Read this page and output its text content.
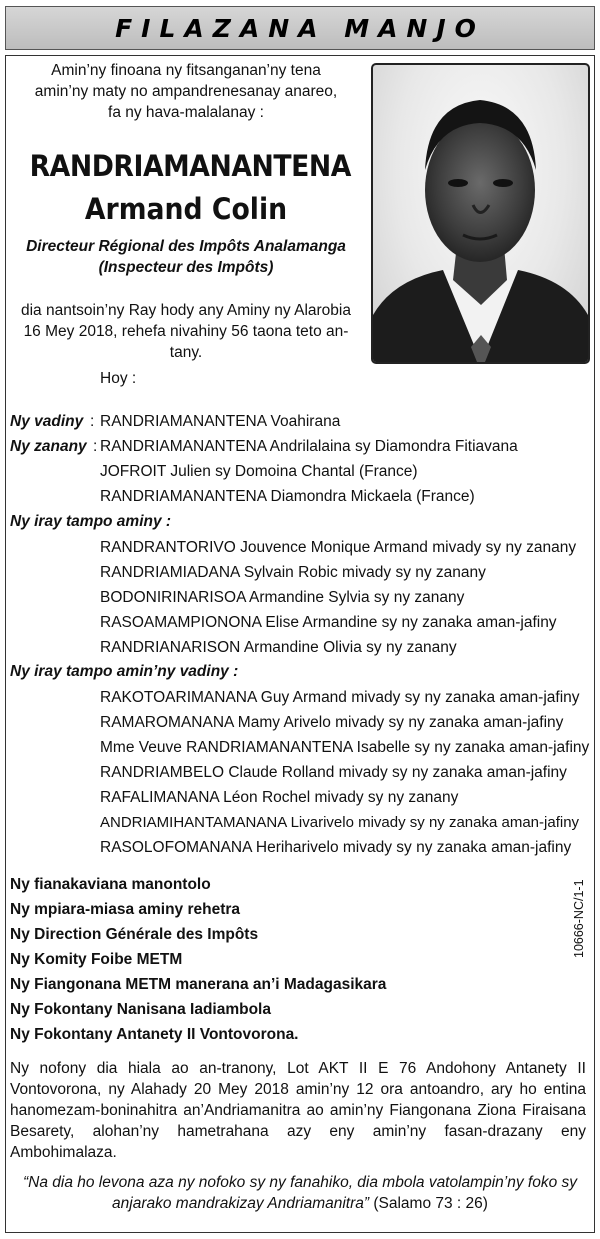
FILAZANA MANJO
Amin’ny finoana ny fitsanganan’ny tena
amin’ny maty no ampandrenesanay anareo,
fa ny hava-malalanay :
RANDRIAMANANTENA
Armand Colin
Directeur Régional des Impôts Analamanga
(Inspecteur des Impôts)
dia nantsoin’ny Ray hody any Aminy ny Alarobia
16 Mey 2018, rehefa nivahiny 56 taona teto an-tany.
Hoy :
Ny vadiny : RANDRIAMANANTENA Voahirana
Ny zanany : RANDRIAMANANTENA Andrilalaina sy Diamondra Fitiavana
JOFROIT Julien sy Domoina Chantal (France)
RANDRIAMANANTENA Diamondra Mickaela (France)
Ny iray tampo aminy :
RANDRANTORIVO Jouvence Monique Armand mivady sy ny zanany
RANDRIAMIADANA Sylvain Robic mivady sy ny zanany
BODONIRINARISOA Armandine Sylvia sy ny zanany
RASOAMAMPIONONA Elise Armandine sy ny zanaka aman-jafiny
RANDRIANARISON Armandine Olivia sy ny zanany
Ny iray tampo amin’ny vadiny :
RAKOTOARIMANANA Guy Armand mivady sy ny zanaka aman-jafiny
RAMAROMANANA Mamy Arivelo mivady sy ny zanaka aman-jafiny
Mme Veuve RANDRIAMANANTENA Isabelle sy ny zanaka aman-jafiny
RANDRIAMBELO Claude Rolland mivady sy ny zanaka aman-jafiny
RAFALIMANANA Léon Rochel mivady sy ny zanany
ANDRIAMIHANTAMANANA Livarivelo mivady sy ny zanaka aman-jafiny
RASOLOFOMANANA Heriharivelo mivady sy ny zanaka aman-jafiny
Ny fianakaviana manontolo
Ny mpiara-miasa aminy rehetra
Ny Direction Générale des Impôts
Ny Komity Foibe METM
Ny Fiangonana METM manerana an’i Madagasikara
Ny Fokontany Nanisana Iadiambola
Ny Fokontany Antanety II Vontovorona.
10666-NC/1-1
Ny nofony dia hiala ao an-tranony, Lot AKT II E 76 Andohony Antanety II Vontovorona, ny Alahady 20 Mey 2018 amin’ny 12 ora antoandro, ary ho entina hanomezam-boninahitra an’Andriamanitra ao amin’ny Fiangonana Ziona Firaisana Besarety, alohan’ny hametrahana azy eny amin’ny fasan-drazany eny Ambohimalaza.
“Na dia ho levona aza ny nofoko sy ny fanahiko, dia mbola vatolampin’ny foko sy anjarako mandrakizay Andriamanitra” (Salamo 73 : 26)
